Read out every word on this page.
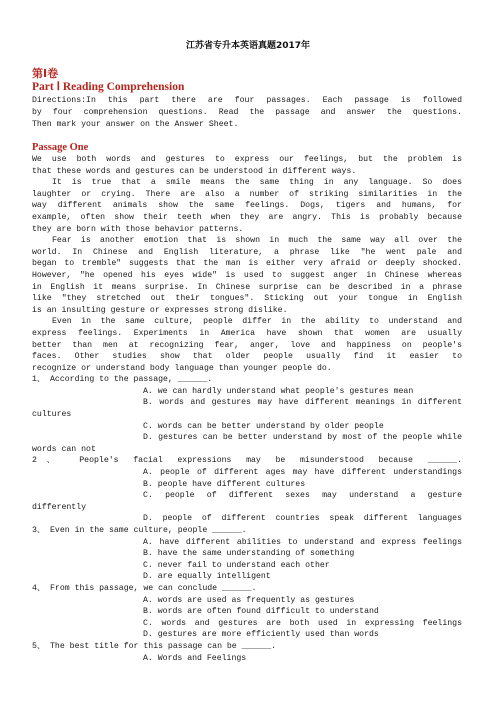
江苏省专升本英语真题2017年
第Ⅰ卷
Part Ⅰ Reading Comprehension
Directions:In this part there are four passages. Each passage is followed
by four comprehension questions. Read the passage and answer the questions.
Then mark your answer on the Answer Sheet.
Passage One
We use both words and gestures to express our feelings, but the problem is
that these words and gestures can be understood in different ways.
It is true that a smile means the same thing in any language. So does
laughter or crying. There are also a number of striking similarities in the
way different animals show the same feelings. Dogs, tigers and humans, for
example, often show their teeth when they are angry. This is probably because
they are born with those behavior patterns.
Fear is another emotion that is shown in much the same way all over the
world. In Chinese and English literature, a phrase like "he went pale and
began to tremble" suggests that the man is either very afraid or deeply shocked.
However, "he opened his eyes wide" is used to suggest anger in Chinese whereas
in English it means surprise. In Chinese surprise can be described in a phrase
like "they stretched out their tongues". Sticking out your tongue in English
is an insulting gesture or expresses strong dislike.
Even in the same culture, people differ in the ability to understand and
express feelings. Experiments in America have shown that women are usually
better than men at recognizing fear, anger, love and happiness on people's
faces. Other studies show that older people usually find it easier to
recognize or understand body language than younger people do.
1、 According to the passage, ______.
A. we can hardly understand what people's gestures mean
B. words and gestures may have different meanings in different
cultures
C. words can be better understand by older people
D. gestures can be better understand by most of the people while
words can not
2、 People's facial expressions may be misunderstood because ______.
A. people of different ages may have different understandings
B. people have different cultures
C. people of different sexes may understand a gesture
differently
D. people of different countries speak different languages
3、 Even in the same culture, people ______.
A. have different abilities to understand and express feelings
B. have the same understanding of something
C. never fail to understand each other
D. are equally intelligent
4、 From this passage, we can conclude ______.
A. words are used as frequently as gestures
B. words are often found difficult to understand
C. words and gestures are both used in expressing feelings
D. gestures are more efficiently used than words
5、 The best title for this passage can be ______.
A. Words and Feelings
